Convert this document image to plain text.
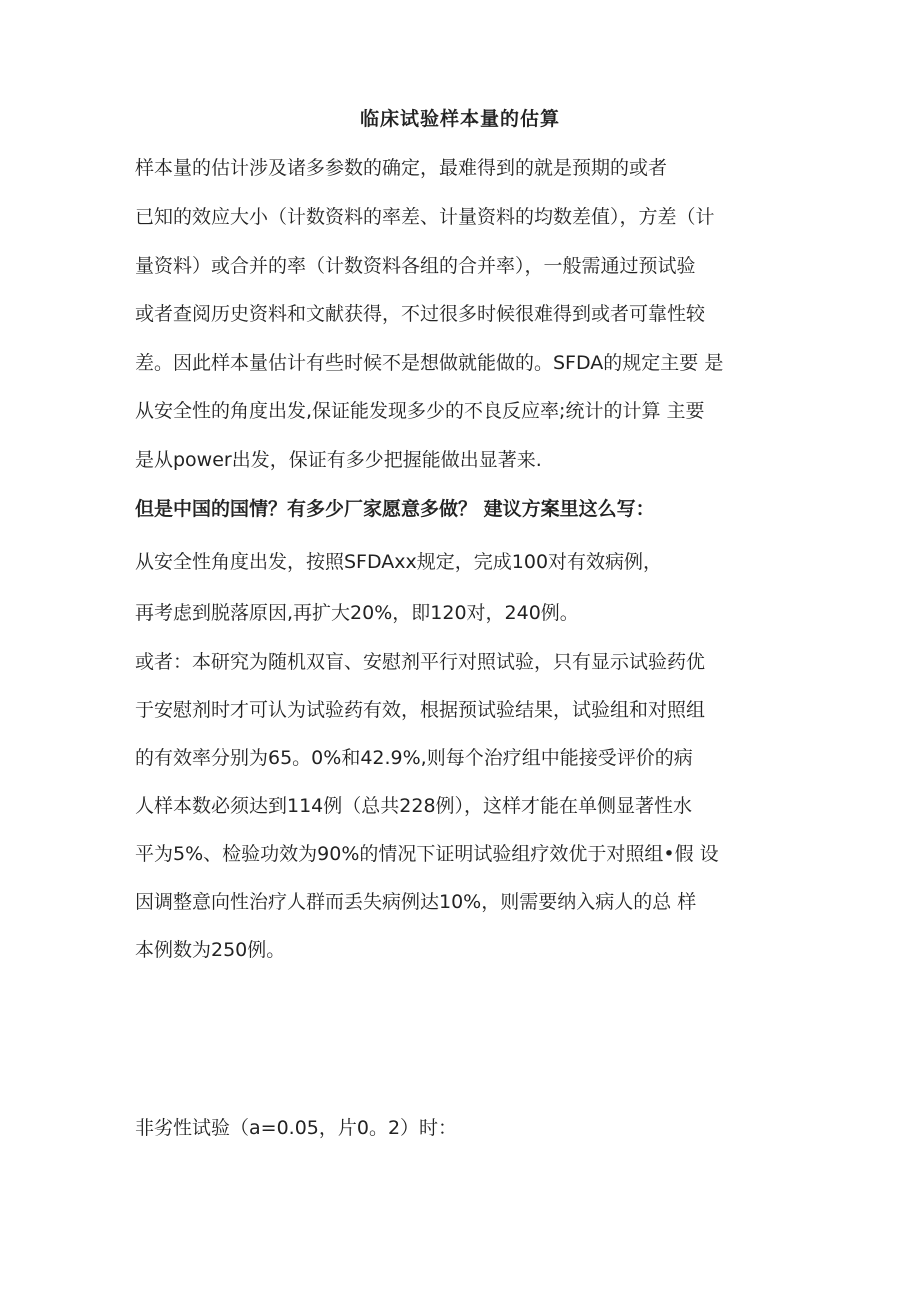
临床试验样本量的估算
样本量的估计涉及诸多参数的确定，最难得到的就是预期的或者
已知的效应大小（计数资料的率差、计量资料的均数差值），方差（计
量资料）或合并的率（计数资料各组的合并率），一般需通过预试验
或者查阅历史资料和文献获得，不过很多时候很难得到或者可靠性较
差。因此样本量估计有些时候不是想做就能做的。SFDA的规定主要 是
从安全性的角度出发,保证能发现多少的不良反应率;统计的计算 主要
是从power出发，保证有多少把握能做出显著来.
但是中国的国情？有多少厂家愿意多做？ 建议方案里这么写：
从安全性角度出发，按照SFDAxx规定，完成100对有效病例，
再考虑到脱落原因,再扩大20%，即120对，240例。
或者：本研究为随机双盲、安慰剂平行对照试验，只有显示试验药优
于安慰剂时才可认为试验药有效，根据预试验结果，试验组和对照组
的有效率分别为65。0%和42.9%,则每个治疗组中能接受评价的病
人样本数必须达到114例（总共228例），这样才能在单侧显著性水
平为5%、检验功效为90%的情况下证明试验组疗效优于对照组•假 设
因调整意向性治疗人群而丢失病例达10%，则需要纳入病人的总 样
本例数为250例。
非劣性试验（a=0.05，片0。2）时：
